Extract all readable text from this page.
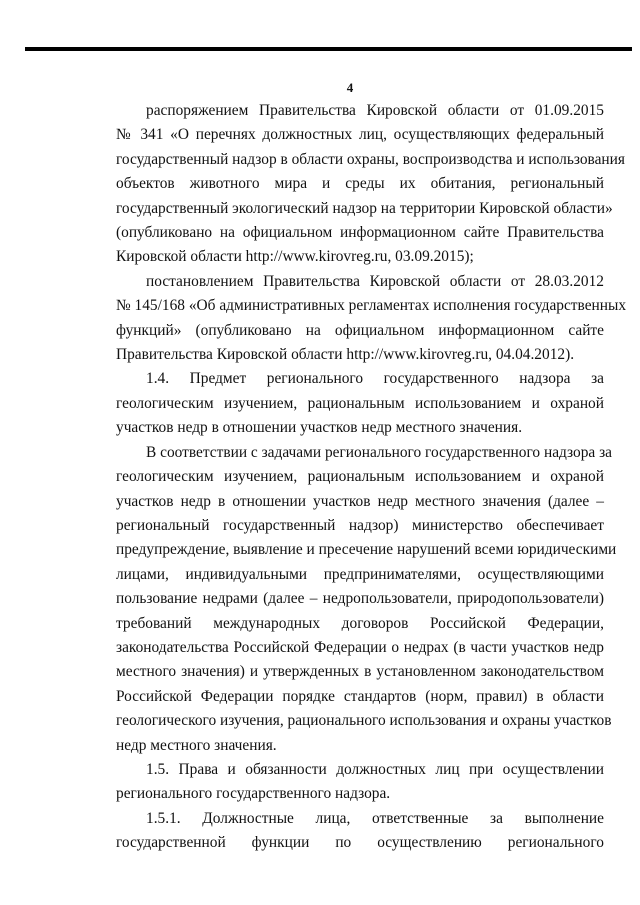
4

распоряжением Правительства Кировской области от 01.09.2015
№ 341 «О перечнях должностных лиц, осуществляющих федеральный
государственный надзор в области охраны, воспроизводства и использования
объектов животного мира и среды их обитания, региональный
государственный экологический надзор на территории Кировской области»
(опубликовано на официальном информационном сайте Правительства
Кировской области http://www.kirovreg.ru, 03.09.2015);

постановлением Правительства Кировской области от 28.03.2012
№ 145/168 «Об административных регламентах исполнения государственных
функций» (опубликовано на официальном информационном сайте
Правительства Кировской области http://www.kirovreg.ru, 04.04.2012).

1.4. Предмет регионального государственного надзора за
геологическим изучением, рациональным использованием и охраной
участков недр в отношении участков недр местного значения.

В соответствии с задачами регионального государственного надзора за
геологическим изучением, рациональным использованием и охраной
участков недр в отношении участков недр местного значения (далее –
региональный государственный надзор) министерство обеспечивает
предупреждение, выявление и пресечение нарушений всеми юридическими
лицами, индивидуальными предпринимателями, осуществляющими
пользование недрами (далее – недропользователи, природопользователи)
требований международных договоров Российской Федерации,
законодательства Российской Федерации о недрах (в части участков недр
местного значения) и утвержденных в установленном законодательством
Российской Федерации порядке стандартов (норм, правил) в области
геологического изучения, рационального использования и охраны участков
недр местного значения.

1.5. Права и обязанности должностных лиц при осуществлении
регионального государственного надзора.

1.5.1. Должностные лица, ответственные за выполнение
государственной функции по осуществлению регионального
